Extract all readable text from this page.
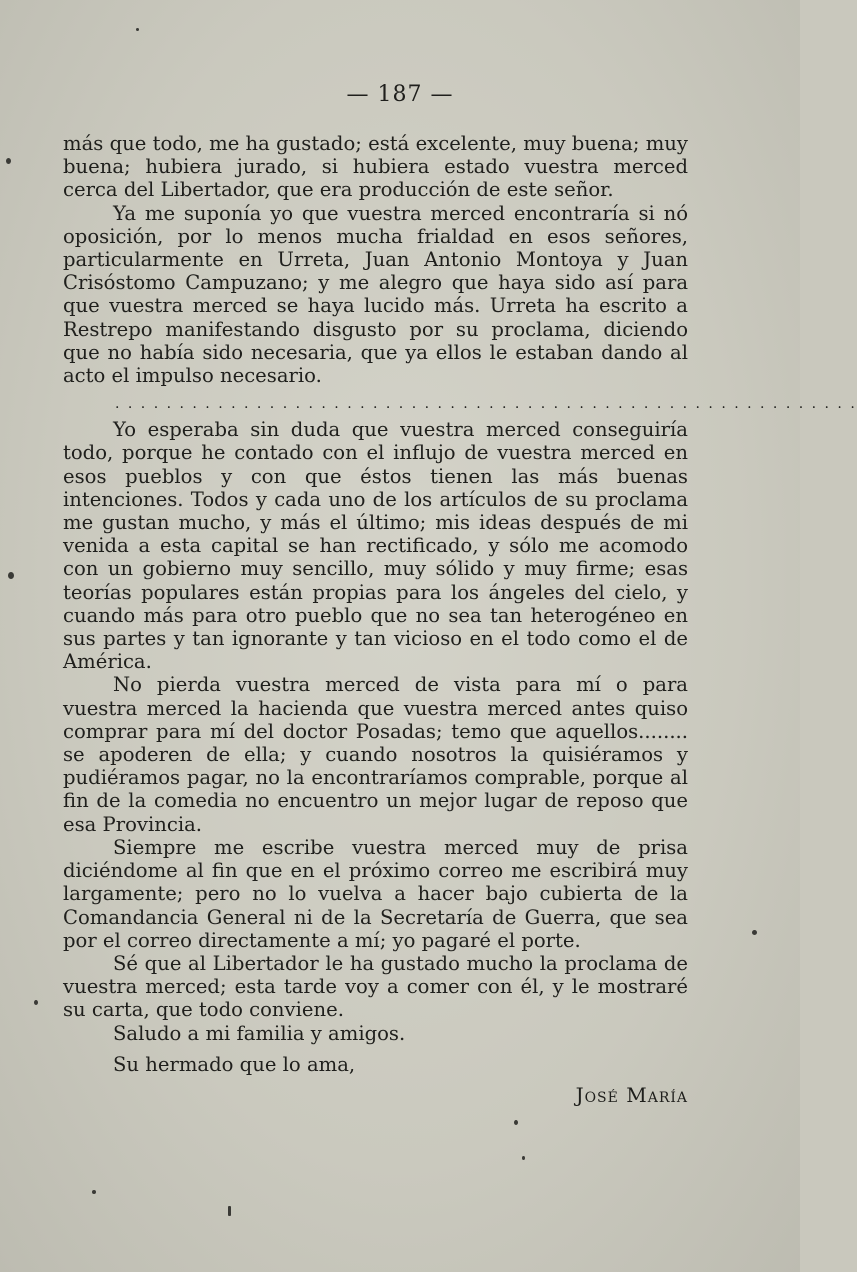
— 187 —

más que todo, me ha gustado; está excelente, muy buena; muy buena; hubiera jurado, si hubiera estado vuestra merced cerca del Libertador, que era producción de este señor.

Ya me suponía yo que vuestra merced encontraría si nó oposición, por lo menos mucha frialdad en esos señores, particularmente en Urreta, Juan Antonio Montoya y Juan Crisóstomo Campuzano; y me alegro que haya sido así para que vuestra merced se haya lucido más. Urreta ha escrito a Restrepo manifestando disgusto por su proclama, diciendo que no había sido necesaria, que ya ellos le estaban dando al acto el impulso necesario.

. . . . . . . . . . . . . . . . . . . . . . . . . . . . . . . . . . . . . . . . . . . . . . . . . . . . . . . . . .

Yo esperaba sin duda que vuestra merced conseguiría todo, porque he contado con el influjo de vuestra merced en esos pueblos y con que éstos tienen las más buenas intenciones. Todos y cada uno de los artículos de su proclama me gustan mucho, y más el último; mis ideas después de mi venida a esta capital se han rectificado, y sólo me acomodo con un gobierno muy sencillo, muy sólido y muy firme; esas teorías populares están propias para los ángeles del cielo, y cuando más para otro pueblo que no sea tan heterogéneo en sus partes y tan ignorante y tan vicioso en el todo como el de América.

No pierda vuestra merced de vista para mí o para vuestra merced la hacienda que vuestra merced antes quiso comprar para mí del doctor Posadas; temo que aquellos........ se apoderen de ella; y cuando nosotros la quisiéramos y pudiéramos pagar, no la encontraríamos comprable, porque al fin de la comedia no encuentro un mejor lugar de reposo que esa Provincia.

Siempre me escribe vuestra merced muy de prisa diciéndome al fin que en el próximo correo me escribirá muy largamente; pero no lo vuelva a hacer bajo cubierta de la Comandancia General ni de la Secretaría de Guerra, que sea por el correo directamente a mí; yo pagaré el porte.

Sé que al Libertador le ha gustado mucho la proclama de vuestra merced; esta tarde voy a comer con él, y le mostraré su carta, que todo conviene.

Saludo a mi familia y amigos.

Su hermado que lo ama,

José María
